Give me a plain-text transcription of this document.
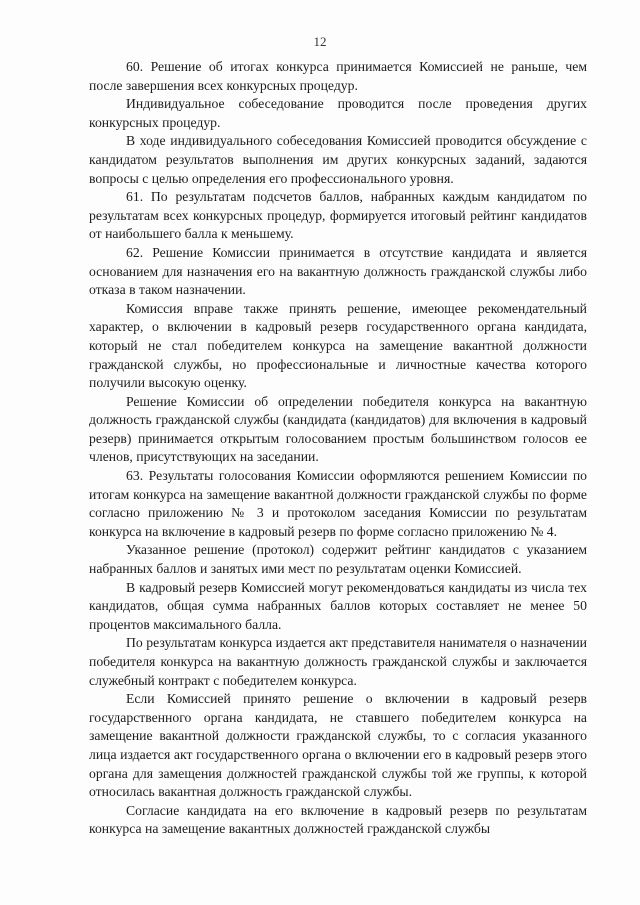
12

60. Решение об итогах конкурса принимается Комиссией не раньше, чем после завершения всех конкурсных процедур.

Индивидуальное собеседование проводится после проведения других конкурсных процедур.

В ходе индивидуального собеседования Комиссией проводится обсуждение с кандидатом результатов выполнения им других конкурсных заданий, задаются вопросы с целью определения его профессионального уровня.

61. По результатам подсчетов баллов, набранных каждым кандидатом по результатам всех конкурсных процедур, формируется итоговый рейтинг кандидатов от наибольшего балла к меньшему.

62. Решение Комиссии принимается в отсутствие кандидата и является основанием для назначения его на вакантную должность гражданской службы либо отказа в таком назначении.

Комиссия вправе также принять решение, имеющее рекомендательный характер, о включении в кадровый резерв государственного органа кандидата, который не стал победителем конкурса на замещение вакантной должности гражданской службы, но профессиональные и личностные качества которого получили высокую оценку.

Решение Комиссии об определении победителя конкурса на вакантную должность гражданской службы (кандидата (кандидатов) для включения в кадровый резерв) принимается открытым голосованием простым большинством голосов ее членов, присутствующих на заседании.

63. Результаты голосования Комиссии оформляются решением Комиссии по итогам конкурса на замещение вакантной должности гражданской службы по форме согласно приложению № 3 и протоколом заседания Комиссии по результатам конкурса на включение в кадровый резерв по форме согласно приложению № 4.

Указанное решение (протокол) содержит рейтинг кандидатов с указанием набранных баллов и занятых ими мест по результатам оценки Комиссией.

В кадровый резерв Комиссией могут рекомендоваться кандидаты из числа тех кандидатов, общая сумма набранных баллов которых составляет не менее 50 процентов максимального балла.

По результатам конкурса издается акт представителя нанимателя о назначении победителя конкурса на вакантную должность гражданской службы и заключается служебный контракт с победителем конкурса.

Если Комиссией принято решение о включении в кадровый резерв государственного органа кандидата, не ставшего победителем конкурса на замещение вакантной должности гражданской службы, то с согласия указанного лица издается акт государственного органа о включении его в кадровый резерв этого органа для замещения должностей гражданской службы той же группы, к которой относилась вакантная должность гражданской службы.

Согласие кандидата на его включение в кадровый резерв по результатам конкурса на замещение вакантных должностей гражданской службы
